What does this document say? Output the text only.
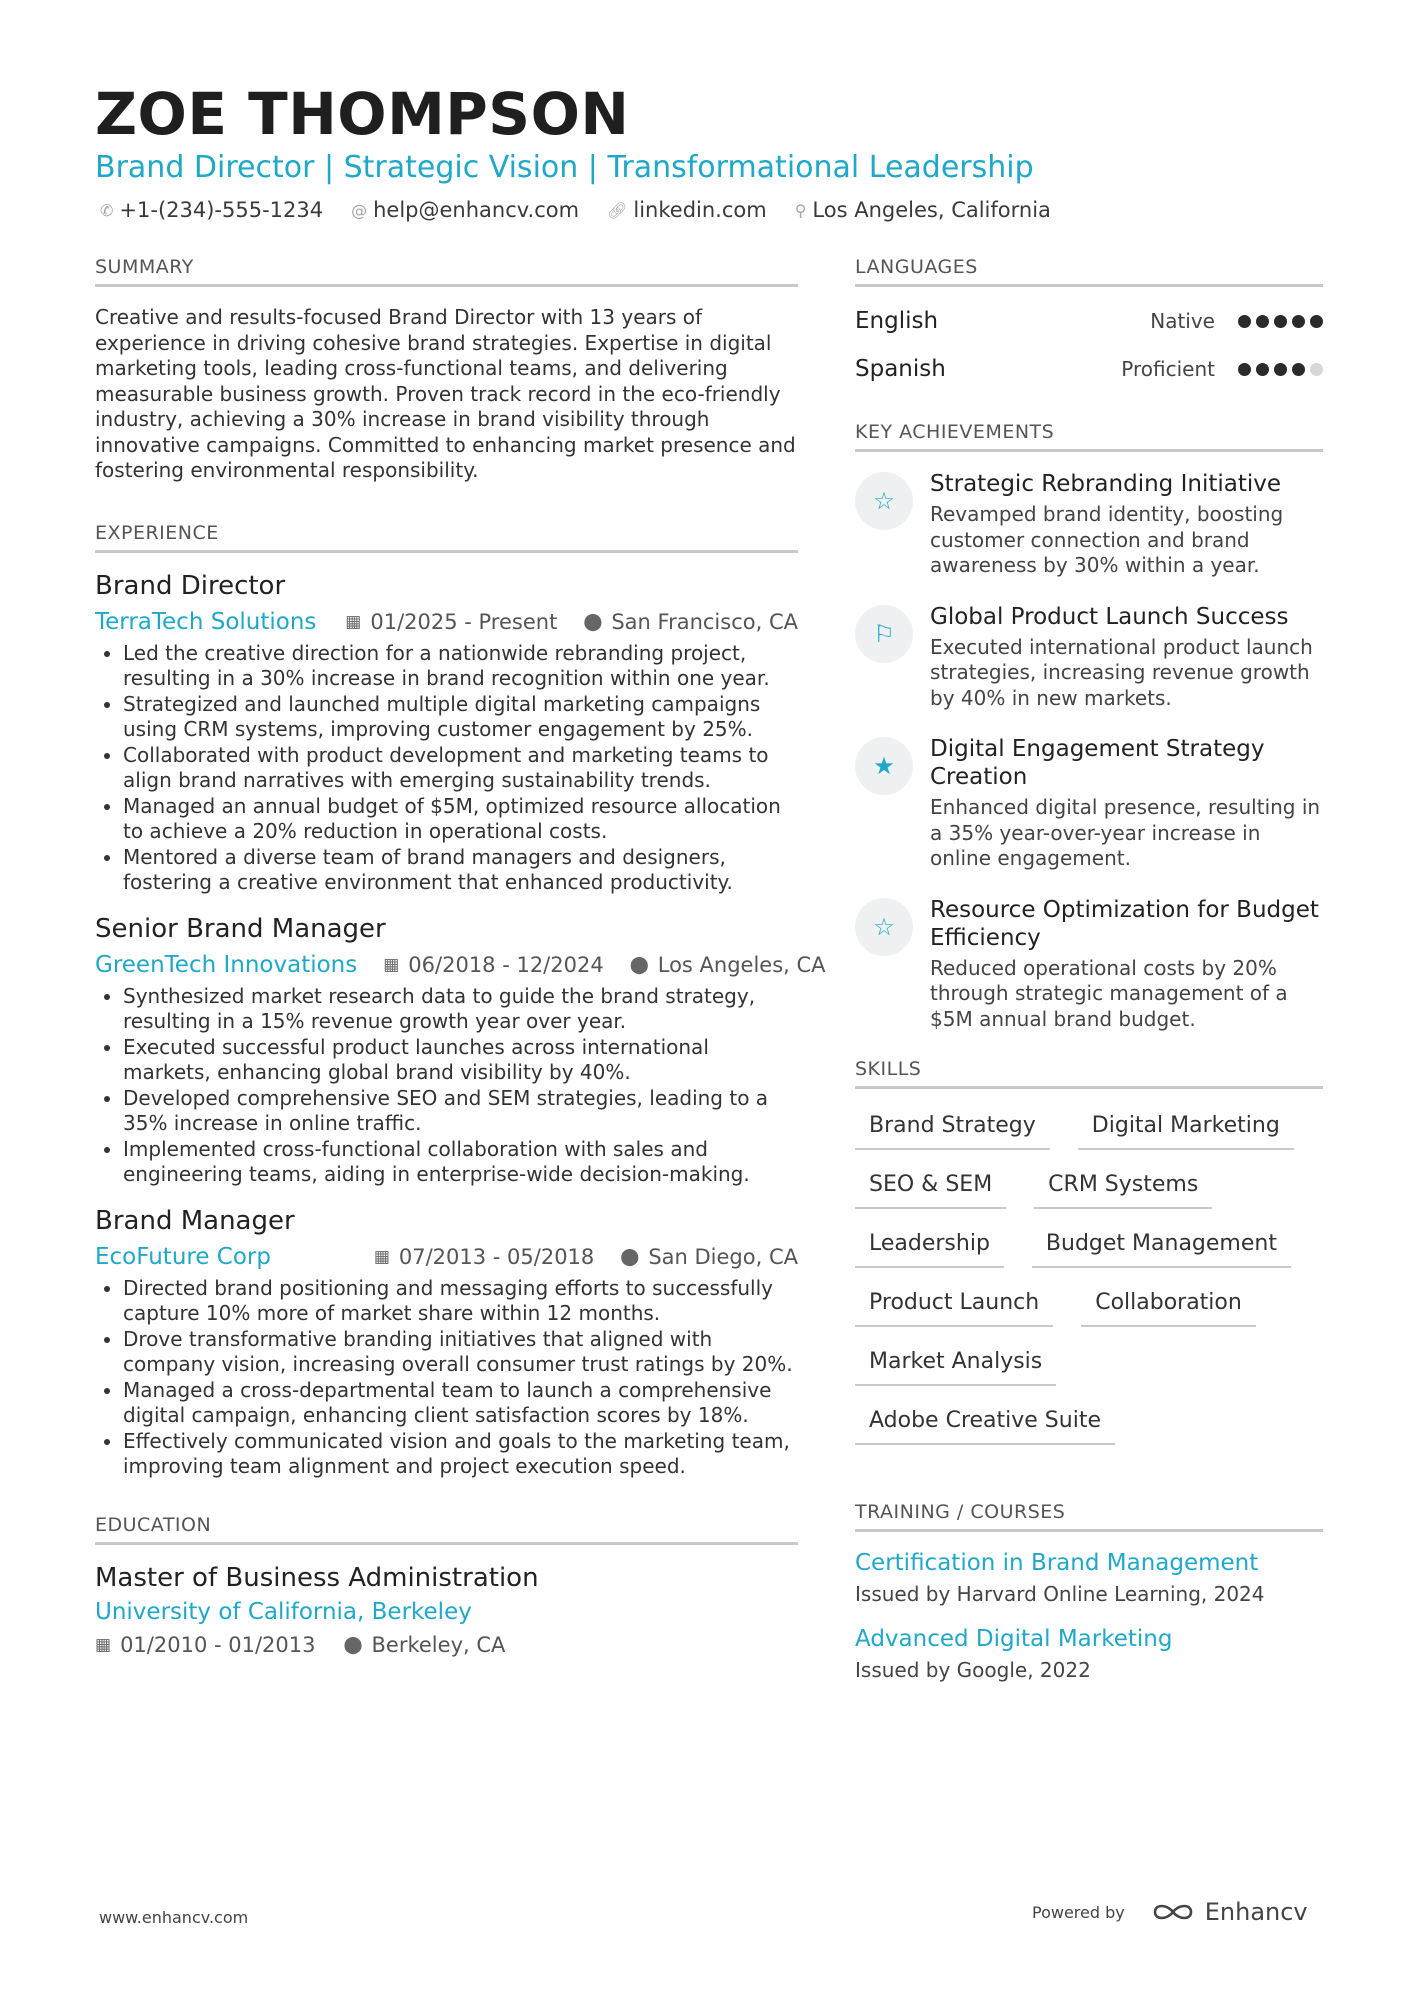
ZOE THOMPSON
Brand Director | Strategic Vision | Transformational Leadership
✆ +1-(234)-555-1234 @ help@enhancv.com 🔗︎ linkedin.com ⚲ Los Angeles, California
SUMMARY

Creative and results-focused Brand Director with 13 years of experience in driving cohesive brand strategies. Expertise in digital marketing tools, leading cross-functional teams, and delivering measurable business growth. Proven track record in the eco-friendly industry, achieving a 30% increase in brand visibility through innovative campaigns. Committed to enhancing market presence and fostering environmental responsibility.

EXPERIENCE
Brand Director
TerraTech Solutions ▦ 01/2025 - Present ⬤ San Francisco, CA
• Led the creative direction for a nationwide rebranding project, resulting in a 30% increase in brand recognition within one year.
• Strategized and launched multiple digital marketing campaigns using CRM systems, improving customer engagement by 25%.
• Collaborated with product development and marketing teams to align brand narratives with emerging sustainability trends.
• Managed an annual budget of $5M, optimized resource allocation to achieve a 20% reduction in operational costs.
• Mentored a diverse team of brand managers and designers, fostering a creative environment that enhanced productivity.
Senior Brand Manager
GreenTech Innovations ▦ 06/2018 - 12/2024 ⬤ Los Angeles, CA
• Synthesized market research data to guide the brand strategy, resulting in a 15% revenue growth year over year.
• Executed successful product launches across international markets, enhancing global brand visibility by 40%.
• Developed comprehensive SEO and SEM strategies, leading to a 35% increase in online traffic.
• Implemented cross-functional collaboration with sales and engineering teams, aiding in enterprise-wide decision-making.
Brand Manager
EcoFuture Corp	▦ 07/2013 - 05/2018 ⬤ San Diego, CA
• Directed brand positioning and messaging efforts to successfully capture 10% more of market share within 12 months.
• Drove transformative branding initiatives that aligned with company vision, increasing overall consumer trust ratings by 20%.
• Managed a cross-departmental team to launch a comprehensive digital campaign, enhancing client satisfaction scores by 18%.
• Effectively communicated vision and goals to the marketing team, improving team alignment and project execution speed.
EDUCATION
Master of Business Administration
University of California, Berkeley
▦ 01/2010 - 01/2013 ⬤ Berkeley, CA
LANGUAGES
English	Native
Spanish	Proficient
KEY ACHIEVEMENTS
☆
Strategic Rebranding Initiative
Revamped brand identity, boosting customer connection and brand awareness by 30% within a year.
⚐
Global Product Launch Success
Executed international product launch strategies, increasing revenue growth by 40% in new markets.
★
Digital Engagement Strategy Creation
Enhanced digital presence, resulting in a 35% year-over-year increase in online engagement.
☆
Resource Optimization for Budget Efficiency
Reduced operational costs by 20% through strategic management of a $5M annual brand budget.
SKILLS
Brand Strategy	Digital Marketing
SEO & SEM	CRM Systems
Leadership	Budget Management
Product Launch	Collaboration
Market Analysis
Adobe Creative Suite
TRAINING / COURSES
Certification in Brand Management
Issued by Harvard Online Learning, 2024
Advanced Digital Marketing
Issued by Google, 2022
www.enhancv.com	Powered by	Enhancv
